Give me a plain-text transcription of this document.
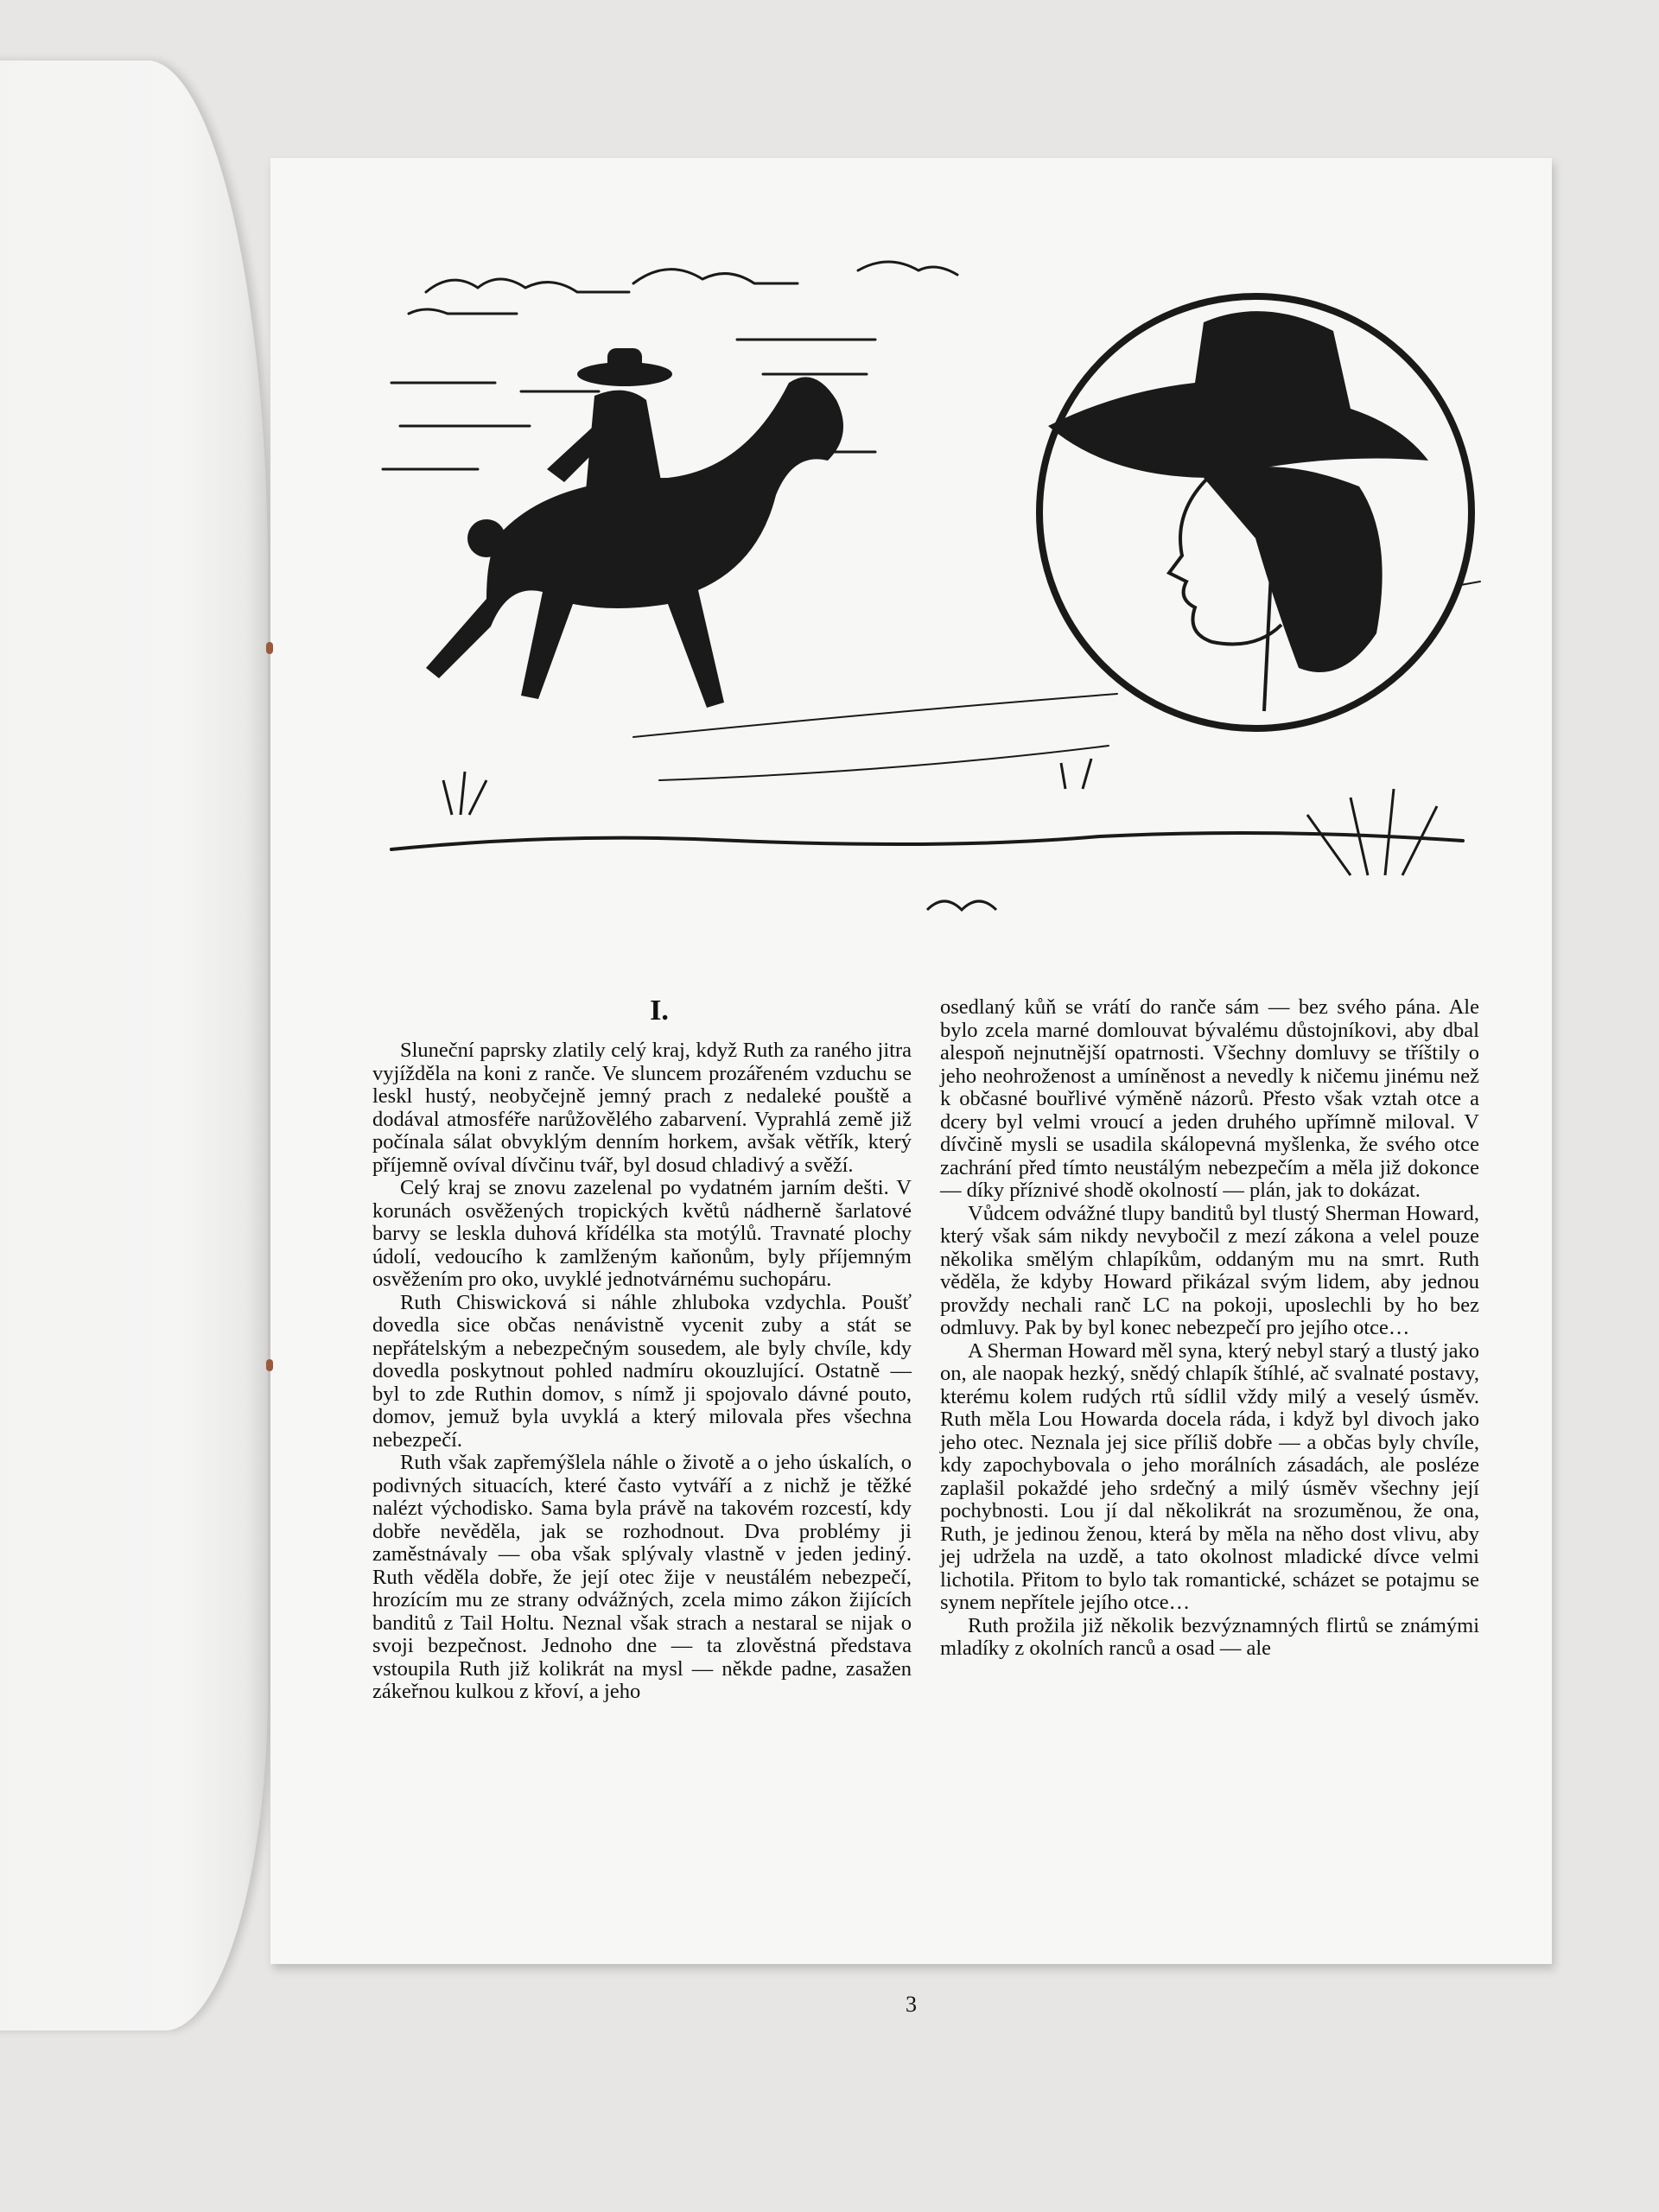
I.

Sluneční paprsky zlatily celý kraj, když Ruth za raného jitra vyjížděla na koni z ranče. Ve sluncem prozářeném vzduchu se leskl hustý, neobyčejně jemný prach z nedaleké pouště a dodával atmosféře narůžovělého zabarvení. Vyprahlá země již počínala sálat obvyklým denním horkem, avšak větřík, který příjemně ovíval dívčinu tvář, byl dosud chladivý a svěží.

Celý kraj se znovu zazelenal po vydatném jarním dešti. V korunách osvěžených tropických květů nádherně šarlatové barvy se leskla duhová křídélka sta motýlů. Travnaté plochy údolí, vedoucího k zamlženým kaňonům, byly příjemným osvěžením pro oko, uvyklé jednotvárnému suchopáru.

Ruth Chiswicková si náhle zhluboka vzdychla. Poušť dovedla sice občas nenávistně vycenit zuby a stát se nepřátelským a nebezpečným sousedem, ale byly chvíle, kdy dovedla poskytnout pohled nadmíru okouzlující. Ostatně — byl to zde Ruthin domov, s nímž ji spojovalo dávné pouto, domov, jemuž byla uvyklá a který milovala přes všechna nebezpečí.

Ruth však zapřemýšlela náhle o životě a o jeho úskalích, o podivných situacích, které často vytváří a z nichž je těžké nalézt východisko. Sama byla právě na takovém rozcestí, kdy dobře nevěděla, jak se rozhodnout. Dva problémy ji zaměstnávaly — oba však splývaly vlastně v jeden jediný. Ruth věděla dobře, že její otec žije v neustálém nebezpečí, hrozícím mu ze strany odvážných, zcela mimo zákon žijících banditů z Tail Holtu. Neznal však strach a nestaral se nijak o svoji bezpečnost. Jednoho dne — ta zlověstná představa vstoupila Ruth již kolikrát na mysl — někde padne, zasažen zákeřnou kulkou z křoví, a jeho

osedlaný kůň se vrátí do ranče sám — bez svého pána. Ale bylo zcela marné domlouvat bývalému důstojníkovi, aby dbal alespoň nejnutnější opatrnosti. Všechny domluvy se tříštily o jeho neohroženost a umíněnost a nevedly k ničemu jinému než k občasné bouřlivé výměně názorů. Přesto však vztah otce a dcery byl velmi vroucí a jeden druhého upřímně miloval. V dívčině mysli se usadila skálopevná myšlenka, že svého otce zachrání před tímto neustálým nebezpečím a měla již dokonce — díky příznivé shodě okolností — plán, jak to dokázat.

Vůdcem odvážné tlupy banditů byl tlustý Sherman Howard, který však sám nikdy nevybočil z mezí zákona a velel pouze několika smělým chlapíkům, oddaným mu na smrt. Ruth věděla, že kdyby Howard přikázal svým lidem, aby jednou provždy nechali ranč LC na pokoji, uposlechli by ho bez odmluvy. Pak by byl konec nebezpečí pro jejího otce…

A Sherman Howard měl syna, který nebyl starý a tlustý jako on, ale naopak hezký, snědý chlapík štíhlé, ač svalnaté postavy, kterému kolem rudých rtů sídlil vždy milý a veselý úsměv. Ruth měla Lou Howarda docela ráda, i když byl divoch jako jeho otec. Neznala jej sice příliš dobře — a občas byly chvíle, kdy zapochybovala o jeho morálních zásadách, ale posléze zaplašil pokaždé jeho srdečný a milý úsměv všechny její pochybnosti. Lou jí dal několikrát na srozuměnou, že ona, Ruth, je jedinou ženou, která by měla na něho dost vlivu, aby jej udržela na uzdě, a tato okolnost mladické dívce velmi lichotila. Přitom to bylo tak romantické, scházet se potajmu se synem nepřítele jejího otce…

Ruth prožila již několik bezvýznamných flirtů se známými mladíky z okolních ranců a osad — ale

3
